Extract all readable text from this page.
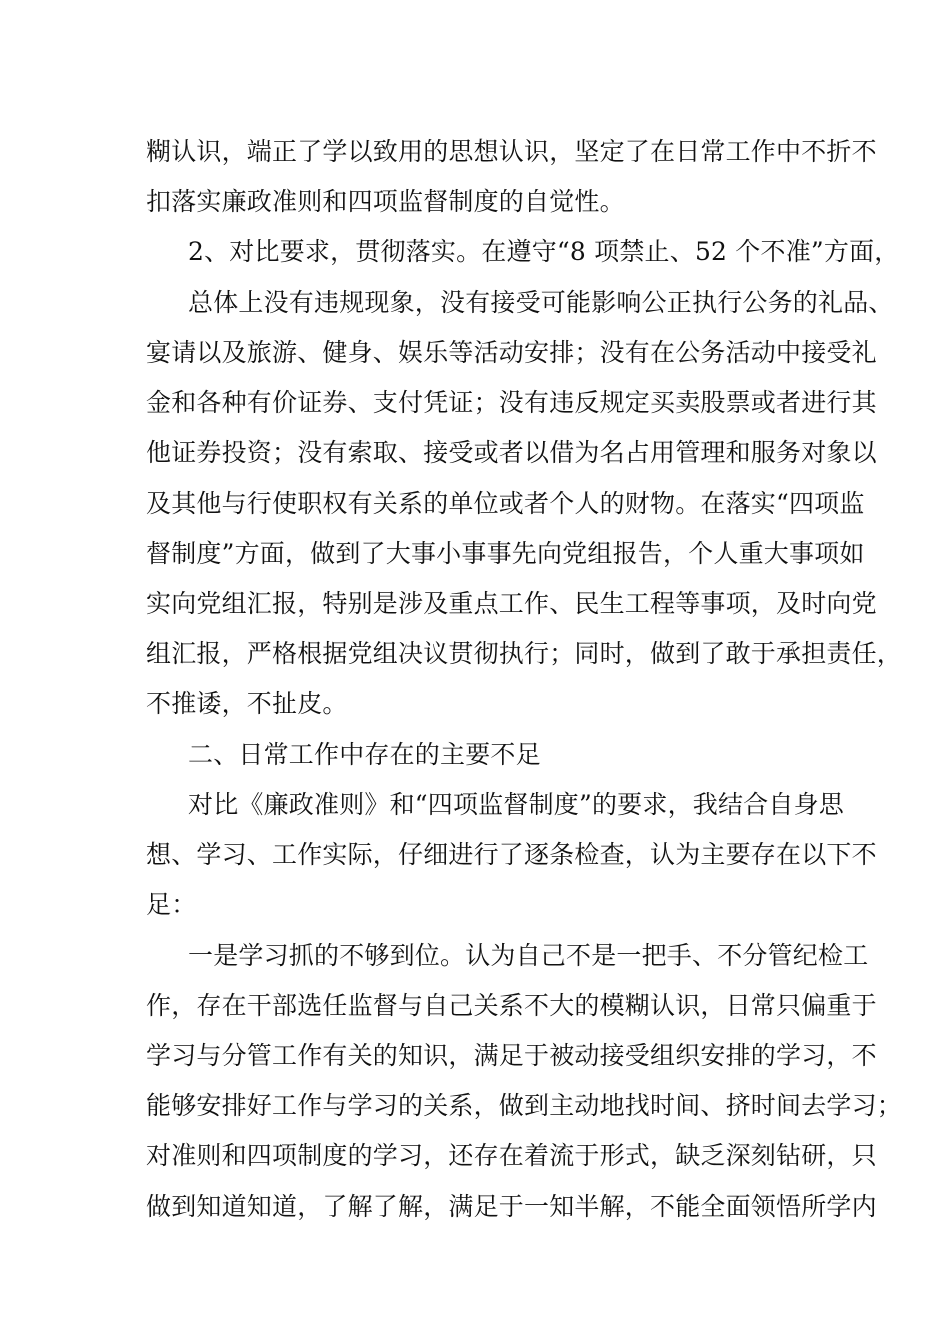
糊认识，端正了学以致用的思想认识，坚定了在日常工作中不折不
扣落实廉政准则和四项监督制度的自觉性。
2、对比要求，贯彻落实。在遵守“8 项禁止、52 个不准”方面，
总体上没有违规现象，没有接受可能影响公正执行公务的礼品、
宴请以及旅游、健身、娱乐等活动安排；没有在公务活动中接受礼
金和各种有价证券、支付凭证；没有违反规定买卖股票或者进行其
他证券投资；没有索取、接受或者以借为名占用管理和服务对象以
及其他与行使职权有关系的单位或者个人的财物。在落实“四项监
督制度”方面，做到了大事小事事先向党组报告，个人重大事项如
实向党组汇报，特别是涉及重点工作、民生工程等事项，及时向党
组汇报，严格根据党组决议贯彻执行；同时，做到了敢于承担责任，
不推诿，不扯皮。
二、日常工作中存在的主要不足
对比《廉政准则》和“四项监督制度”的要求，我结合自身思
想、学习、工作实际，仔细进行了逐条检查，认为主要存在以下不
足：
一是学习抓的不够到位。认为自己不是一把手、不分管纪检工
作，存在干部选任监督与自己关系不大的模糊认识，日常只偏重于
学习与分管工作有关的知识，满足于被动接受组织安排的学习，不
能够安排好工作与学习的关系，做到主动地找时间、挤时间去学习；
对准则和四项制度的学习，还存在着流于形式，缺乏深刻钻研，只
做到知道知道，了解了解，满足于一知半解，不能全面领悟所学内
